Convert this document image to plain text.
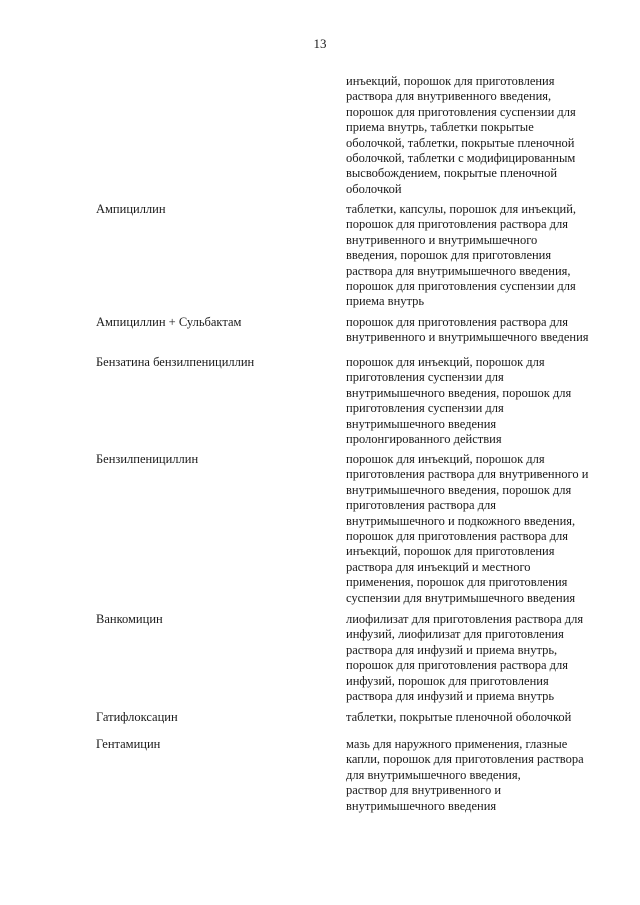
13
инъекций, порошок для приготовления
раствора для внутривенного введения,
порошок для приготовления суспензии для
приема внутрь, таблетки покрытые
оболочкой, таблетки, покрытые пленочной
оболочкой, таблетки с модифицированным
высвобождением, покрытые пленочной
оболочкой
Ампициллин	таблетки, капсулы, порошок для инъекций,
порошок для приготовления раствора для
внутривенного и внутримышечного
введения, порошок для приготовления
раствора для внутримышечного введения,
порошок для приготовления суспензии для
приема внутрь
Ампициллин + Сульбактам	порошок для приготовления раствора для
внутривенного и внутримышечного введения
Бензатина бензилпенициллин	порошок для инъекций, порошок для
приготовления суспензии для
внутримышечного введения, порошок для
приготовления суспензии для
внутримышечного введения
пролонгированного действия
Бензилпенициллин	порошок для инъекций, порошок для
приготовления раствора для внутривенного и
внутримышечного введения, порошок для
приготовления раствора для
внутримышечного и подкожного введения,
порошок для приготовления раствора для
инъекций, порошок для приготовления
раствора для инъекций и местного
применения, порошок для приготовления
суспензии для внутримышечного введения
Ванкомицин	лиофилизат для приготовления раствора для
инфузий, лиофилизат для приготовления
раствора для инфузий и приема внутрь,
порошок для приготовления раствора для
инфузий, порошок для приготовления
раствора для инфузий и приема внутрь
Гатифлоксацин	таблетки, покрытые пленочной оболочкой
Гентамицин	мазь для наружного применения, глазные
капли, порошок для приготовления раствора
для внутримышечного введения,
раствор для внутривенного и
внутримышечного введения
